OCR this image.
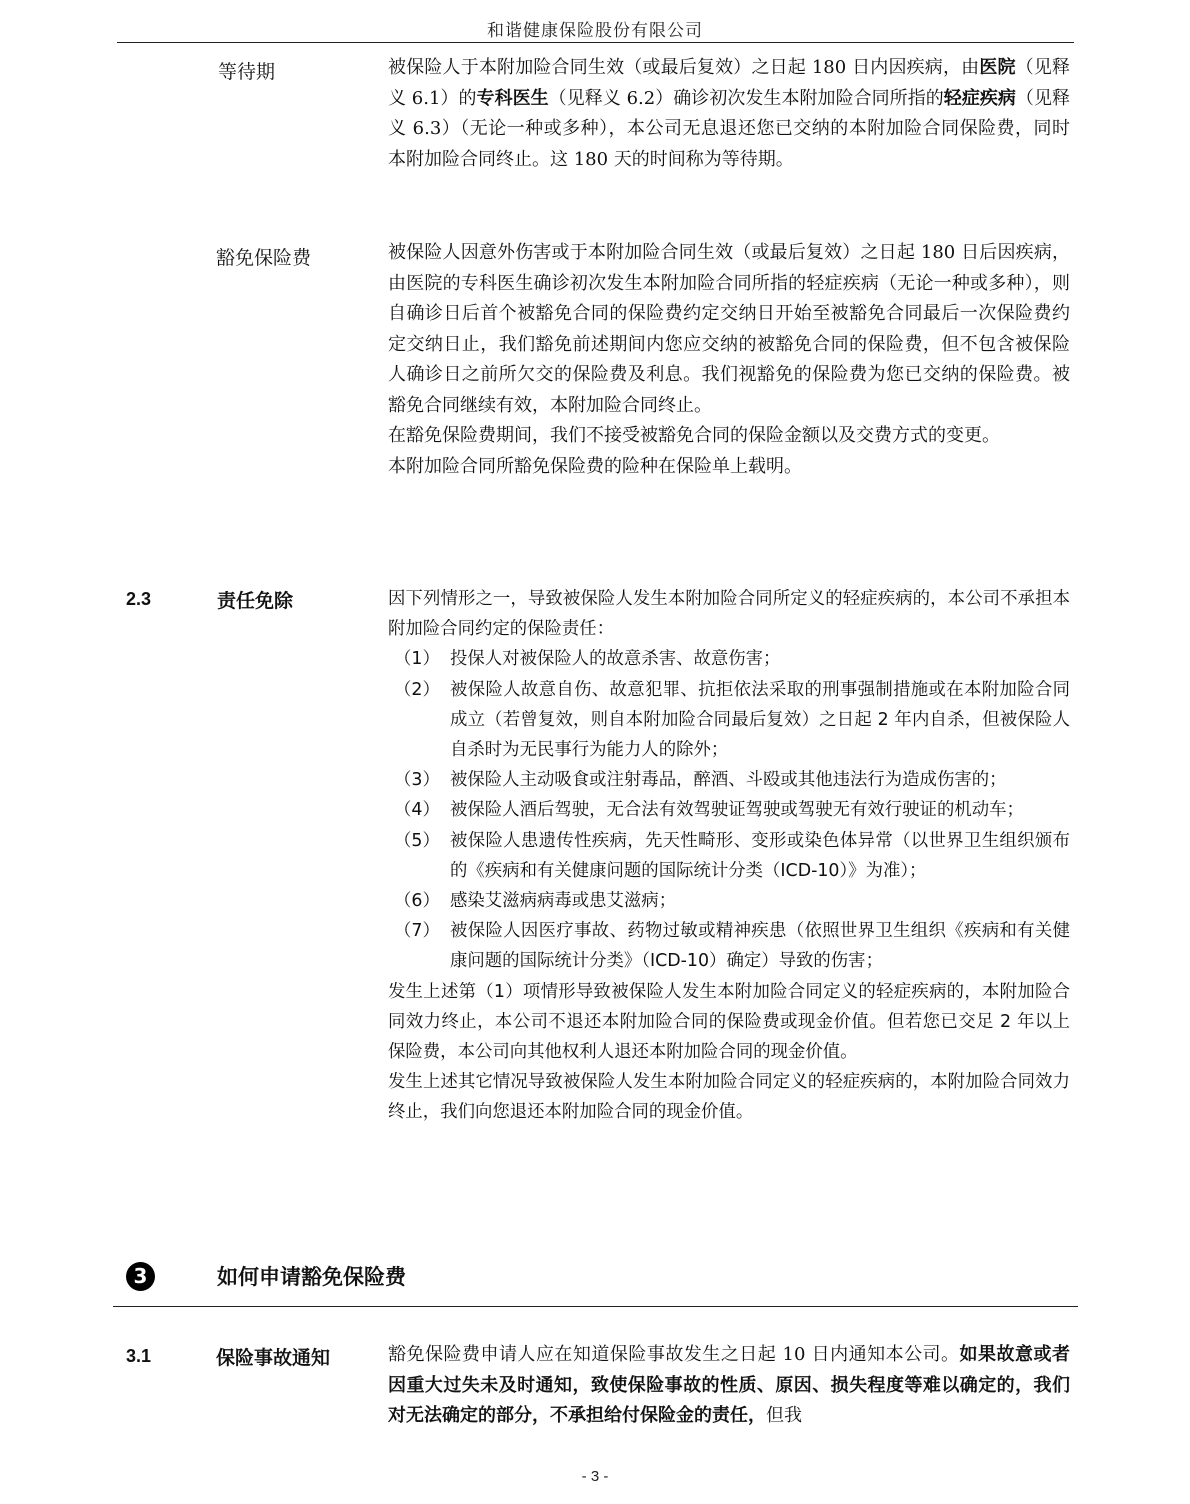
和谐健康保险股份有限公司
等待期	被保险人于本附加险合同生效（或最后复效）之日起 180 日内因疾病，由医院（见释义 6.1）的专科医生（见释义 6.2）确诊初次发生本附加险合同所指的轻症疾病（见释义 6.3）（无论一种或多种），本公司无息退还您已交纳的本附加险合同保险费，同时本附加险合同终止。这 180 天的时间称为等待期。

豁免保险费	被保险人因意外伤害或于本附加险合同生效（或最后复效）之日起 180 日后因疾病，由医院的专科医生确诊初次发生本附加险合同所指的轻症疾病（无论一种或多种），则自确诊日后首个被豁免合同的保险费约定交纳日开始至被豁免合同最后一次保险费约定交纳日止，我们豁免前述期间内您应交纳的被豁免合同的保险费，但不包含被保险人确诊日之前所欠交的保险费及利息。我们视豁免的保险费为您已交纳的保险费。被豁免合同继续有效，本附加险合同终止。

在豁免保险费期间，我们不接受被豁免合同的保险金额以及交费方式的变更。

本附加险合同所豁免保险费的险种在保险单上载明。

2.3	责任免除	因下列情形之一，导致被保险人发生本附加险合同所定义的轻症疾病的，本公司不承担本附加险合同约定的保险责任：

（1） 投保人对被保险人的故意杀害、故意伤害；
（2） 被保险人故意自伤、故意犯罪、抗拒依法采取的刑事强制措施或在本附加险合同成立（若曾复效，则自本附加险合同最后复效）之日起 2 年内自杀，但被保险人自杀时为无民事行为能力人的除外；
（3） 被保险人主动吸食或注射毒品，醉酒、斗殴或其他违法行为造成伤害的；
（4） 被保险人酒后驾驶，无合法有效驾驶证驾驶或驾驶无有效行驶证的机动车；
（5） 被保险人患遗传性疾病，先天性畸形、变形或染色体异常（以世界卫生组织颁布的《疾病和有关健康问题的国际统计分类（ICD-10）》为准）；
（6） 感染艾滋病病毒或患艾滋病；
（7） 被保险人因医疗事故、药物过敏或精神疾患（依照世界卫生组织《疾病和有关健康问题的国际统计分类》（ICD-10）确定）导致的伤害；

发生上述第（1）项情形导致被保险人发生本附加险合同定义的轻症疾病的，本附加险合同效力终止，本公司不退还本附加险合同的保险费或现金价值。但若您已交足 2 年以上保险费，本公司向其他权利人退还本附加险合同的现金价值。

发生上述其它情况导致被保险人发生本附加险合同定义的轻症疾病的，本附加险合同效力终止，我们向您退还本附加险合同的现金价值。

3	如何申请豁免保险费
3.1	保险事故通知	豁免保险费申请人应在知道保险事故发生之日起 10 日内通知本公司。如果故意或者因重大过失未及时通知，致使保险事故的性质、原因、损失程度等难以确定的，我们对无法确定的部分，不承担给付保险金的责任，但我

- 3 -
